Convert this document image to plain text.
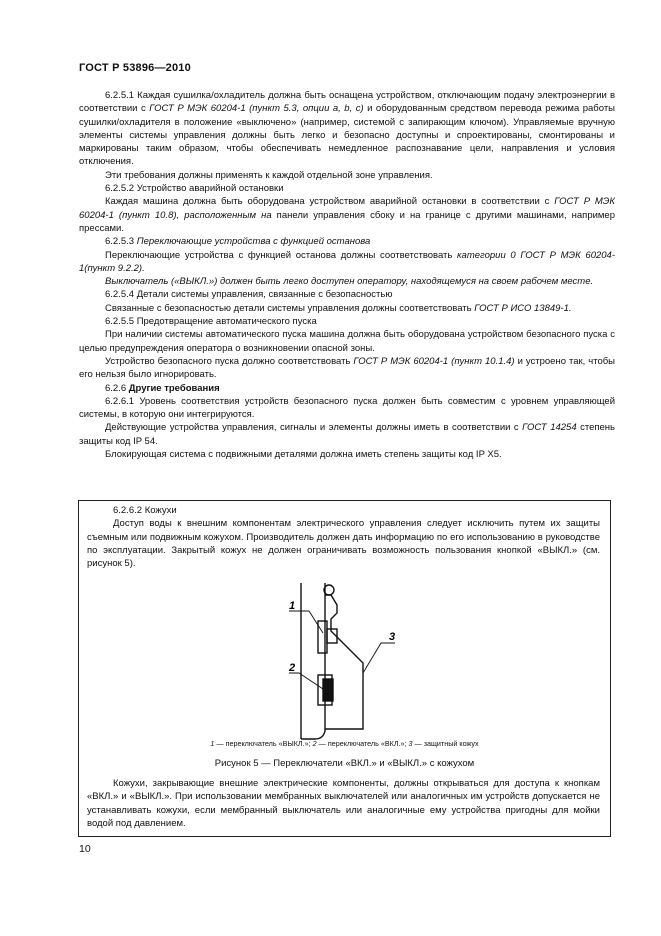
ГОСТ Р 53896—2010

6.2.5.1 Каждая сушилка/охладитель должна быть оснащена устройством, отключающим подачу электроэнергии в соответствии с ГОСТ Р МЭК 60204-1 (пункт 5.3, опции a, b, c) и оборудованным средством перевода режима работы сушилки/охладителя в положение «выключено» (например, системой с запирающим ключом). Управляемые вручную элементы системы управления должны быть легко и безопасно доступны и спроектированы, смонтированы и маркированы таким образом, чтобы обеспечивать немедленное распознавание цели, направления и условия отключения.

Эти требования должны применять к каждой отдельной зоне управления.

6.2.5.2 Устройство аварийной остановки

Каждая машина должна быть оборудована устройством аварийной остановки в соответствии с ГОСТ Р МЭК 60204-1 (пункт 10.8), расположенным на панели управления сбоку и на границе с другими машинами, например прессами.

6.2.5.3 Переключающие устройства с функцией останова

Переключающие устройства с функцией останова должны соответствовать категории 0 ГОСТ Р МЭК 60204-1(пункт 9.2.2).

Выключатель («ВЫКЛ.») должен быть легко доступен оператору, находящемуся на своем рабочем месте.

6.2.5.4 Детали системы управления, связанные с безопасностью

Связанные с безопасностью детали системы управления должны соответствовать ГОСТ Р ИСО 13849-1.

6.2.5.5 Предотвращение автоматического пуска

При наличии системы автоматического пуска машина должна быть оборудована устройством безопасного пуска с целью предупреждения оператора о возникновении опасной зоны.

Устройство безопасного пуска должно соответствовать ГОСТ Р МЭК 60204-1 (пункт 10.1.4) и устроено так, чтобы его нельзя было игнорировать.

6.2.6 Другие требования

6.2.6.1 Уровень соответствия устройств безопасного пуска должен быть совместим с уровнем управляющей системы, в которую они интегрируются.

Действующие устройства управления, сигналы и элементы должны иметь в соответствии с ГОСТ 14254 степень защиты код IP 54.

Блокирующая система с подвижными деталями должна иметь степень защиты код IP X5.

6.2.6.2 Кожухи

Доступ воды к внешним компонентам электрического управления следует исключить путем их защиты съемным или подвижным кожухом. Производитель должен дать информацию по его использованию в руководстве по эксплуатации. Закрытый кожух не должен ограничивать возможность пользования кнопкой «ВЫКЛ.» (см. рисунок 5).

1
2
3
1 — переключатель «ВЫКЛ.»; 2 — переключатель «ВКЛ.»; 3 — защитный кожух
Рисунок 5 — Переключатели «ВКЛ.» и «ВЫКЛ.» с кожухом

Кожухи, закрывающие внешние электрические компоненты, должны открываться для доступа к кнопкам «ВКЛ.» и «ВЫКЛ.». При использовании мембранных выключателей или аналогичных им устройств допускается не устанавливать кожухи, если мембранный выключатель или аналогичные ему устройства пригодны для мойки водой под давлением.

10
